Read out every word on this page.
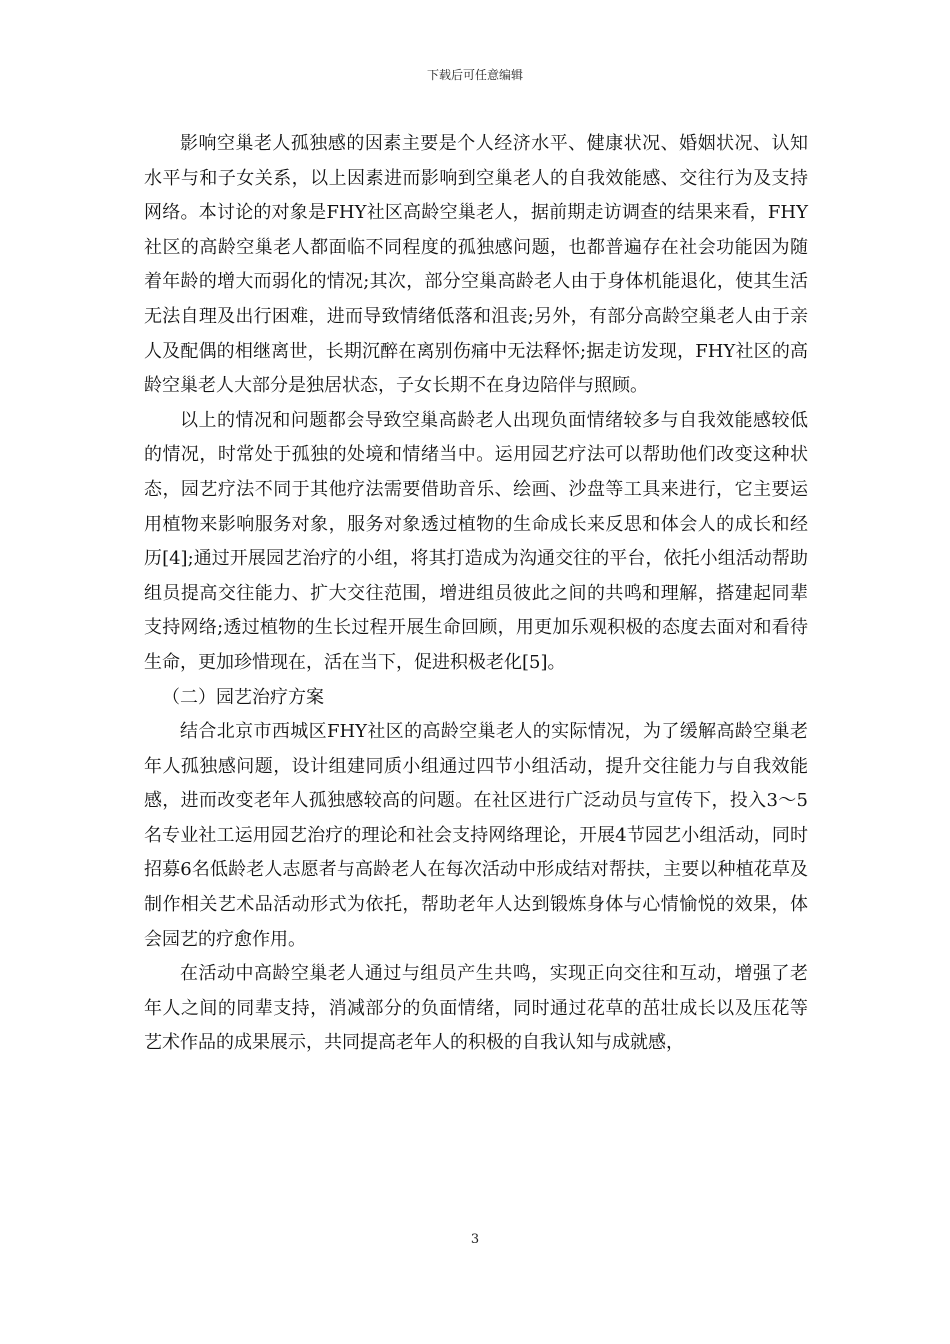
下载后可任意编辑

影响空巢老人孤独感的因素主要是个人经济水平、健康状况、婚姻状况、认知水平与和子女关系，以上因素进而影响到空巢老人的自我效能感、交往行为及支持网络。本讨论的对象是FHY社区高龄空巢老人，据前期走访调查的结果来看，FHY社区的高龄空巢老人都面临不同程度的孤独感问题，也都普遍存在社会功能因为随着年龄的增大而弱化的情况;其次，部分空巢高龄老人由于身体机能退化，使其生活无法自理及出行困难，进而导致情绪低落和沮丧;另外，有部分高龄空巢老人由于亲人及配偶的相继离世，长期沉醉在离别伤痛中无法释怀;据走访发现，FHY社区的高龄空巢老人大部分是独居状态，子女长期不在身边陪伴与照顾。

以上的情况和问题都会导致空巢高龄老人出现负面情绪较多与自我效能感较低的情况，时常处于孤独的处境和情绪当中。运用园艺疗法可以帮助他们改变这种状态，园艺疗法不同于其他疗法需要借助音乐、绘画、沙盘等工具来进行，它主要运用植物来影响服务对象，服务对象透过植物的生命成长来反思和体会人的成长和经历[4];通过开展园艺治疗的小组，将其打造成为沟通交往的平台，依托小组活动帮助组员提高交往能力、扩大交往范围，增进组员彼此之间的共鸣和理解，搭建起同辈支持网络;透过植物的生长过程开展生命回顾，用更加乐观积极的态度去面对和看待生命，更加珍惜现在，活在当下，促进积极老化[5]。

（二）园艺治疗方案

结合北京市西城区FHY社区的高龄空巢老人的实际情况，为了缓解高龄空巢老年人孤独感问题，设计组建同质小组通过四节小组活动，提升交往能力与自我效能感，进而改变老年人孤独感较高的问题。在社区进行广泛动员与宣传下，投入3～5名专业社工运用园艺治疗的理论和社会支持网络理论，开展4节园艺小组活动，同时招募6名低龄老人志愿者与高龄老人在每次活动中形成结对帮扶，主要以种植花草及制作相关艺术品活动形式为依托，帮助老年人达到锻炼身体与心情愉悦的效果，体会园艺的疗愈作用。

在活动中高龄空巢老人通过与组员产生共鸣，实现正向交往和互动，增强了老年人之间的同辈支持，消减部分的负面情绪，同时通过花草的茁壮成长以及压花等艺术作品的成果展示，共同提高老年人的积极的自我认知与成就感，

3
